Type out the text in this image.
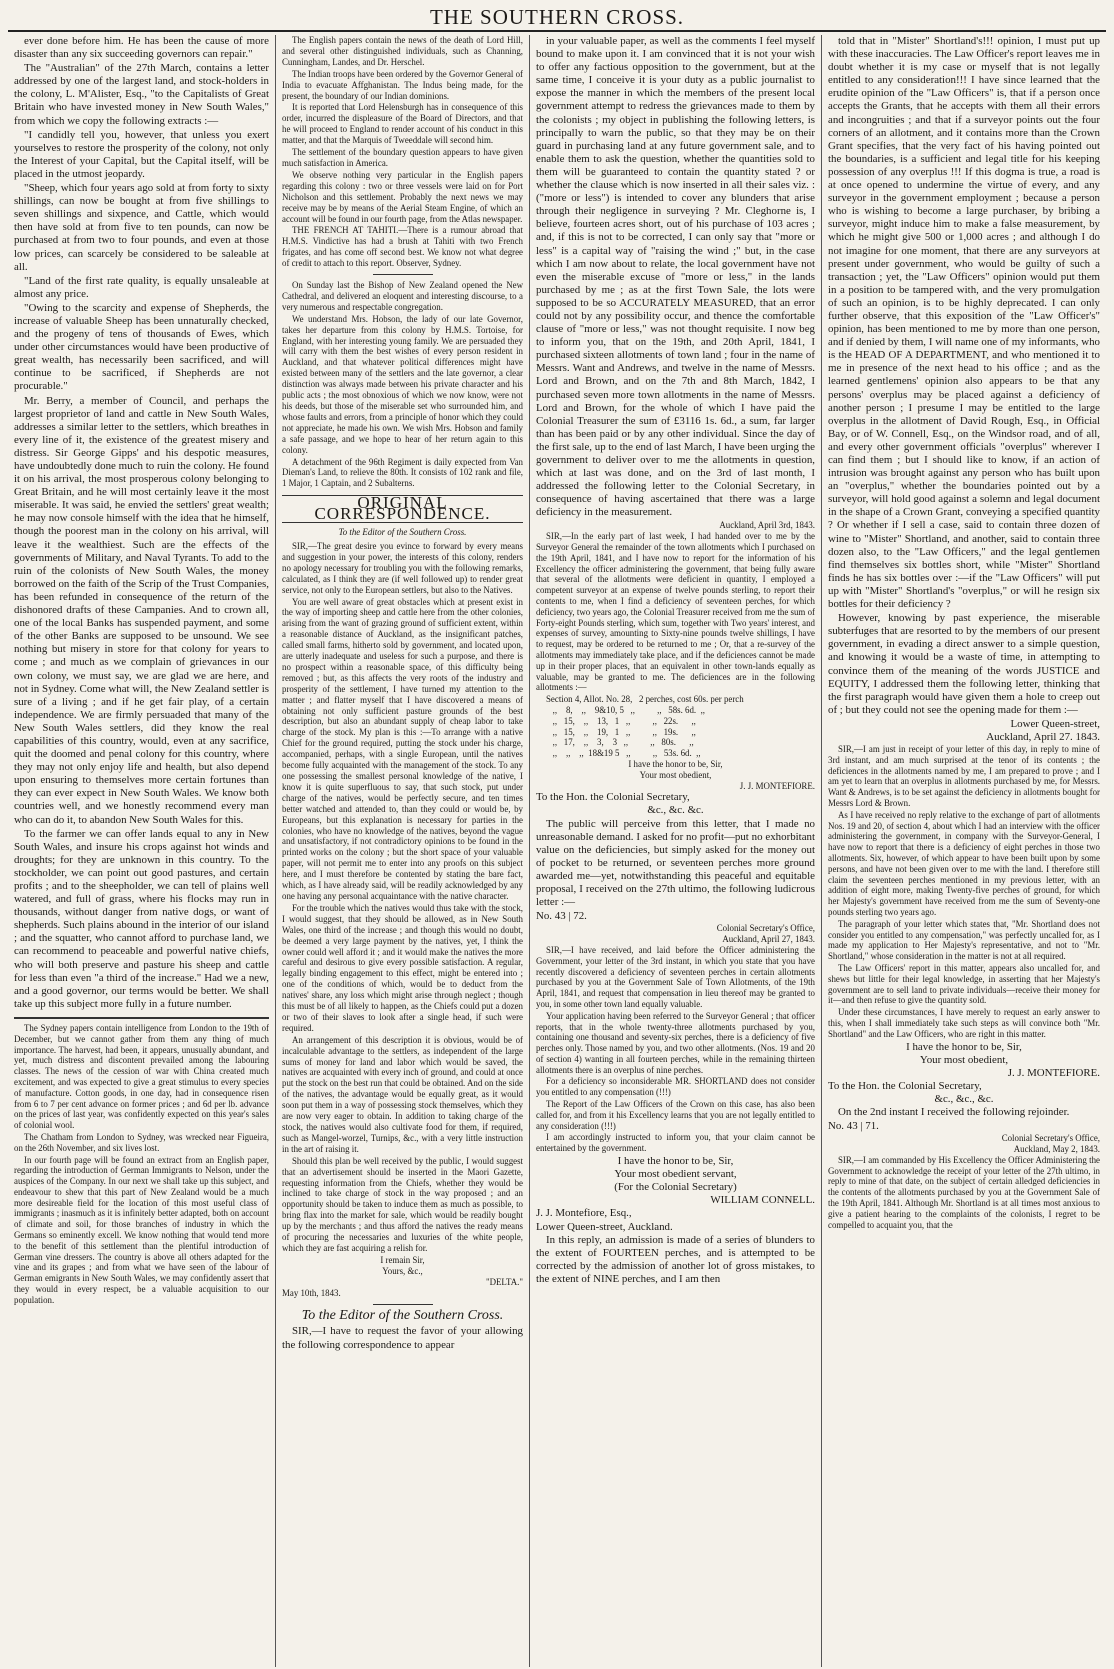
THE SOUTHERN CROSS.

ever done before him. He has been the cause of more disaster than any six succeeding governors can repair."

The "Australian" of the 27th March, contains a letter addressed by one of the largest land, and stock-holders in the colony, L. M'Alister, Esq., "to the Capitalists of Great Britain who have invested money in New South Wales," from which we copy the following extracts :—

"I candidly tell you, however, that unless you exert yourselves to restore the prosperity of the colony, not only the Interest of your Capital, but the Capital itself, will be placed in the utmost jeopardy.

"Sheep, which four years ago sold at from forty to sixty shillings, can now be bought at from five shillings to seven shillings and sixpence, and Cattle, which would then have sold at from five to ten pounds, can now be purchased at from two to four pounds, and even at those low prices, can scarcely be considered to be saleable at all.

"Land of the first rate quality, is equally unsaleable at almost any price.

"Owing to the scarcity and expense of Shepherds, the increase of valuable Sheep has been unnaturally checked, and the progeny of tens of thousands of Ewes, which under other circumstances would have been productive of great wealth, has necessarily been sacrificed, and will continue to be sacrificed, if Shepherds are not procurable."

Mr. Berry, a member of Council, and perhaps the largest proprietor of land and cattle in New South Wales, addresses a similar letter to the settlers, which breathes in every line of it, the existence of the greatest misery and distress. Sir George Gipps' and his despotic measures, have undoubtedly done much to ruin the colony. He found it on his arrival, the most prosperous colony belonging to Great Britain, and he will most certainly leave it the most miserable. It was said, he envied the settlers' great wealth; he may now console himself with the idea that he himself, though the poorest man in the colony on his arrival, will leave it the wealthiest. Such are the effects of the governments of Military, and Naval Tyrants. To add to the ruin of the colonists of New South Wales, the money borrowed on the faith of the Scrip of the Trust Companies, has been refunded in consequence of the return of the dishonored drafts of these Campanies. And to crown all, one of the local Banks has suspended payment, and some of the other Banks are supposed to be unsound. We see nothing but misery in store for that colony for years to come ; and much as we complain of grievances in our own colony, we must say, we are glad we are here, and not in Sydney. Come what will, the New Zealand settler is sure of a living ; and if he get fair play, of a certain independence. We are firmly persuaded that many of the New South Wales settlers, did they know the real capabilities of this country, would, even at any sacrifice, quit the doomed and penal colony for this country, where they may not only enjoy life and health, but also depend upon ensuring to themselves more certain fortunes than they can ever expect in New South Wales. We know both countries well, and we honestly recommend every man who can do it, to abandon New South Wales for this.

To the farmer we can offer lands equal to any in New South Wales, and insure his crops against hot winds and droughts; for they are unknown in this country. To the stockholder, we can point out good pastures, and certain profits ; and to the sheepholder, we can tell of plains well watered, and full of grass, where his flocks may run in thousands, without danger from native dogs, or want of shepherds. Such plains abound in the interior of our island ; and the squatter, who cannot afford to purchase land, we can recommend to peaceable and powerful native chiefs, who will both preserve and pasture his sheep and cattle for less than even "a third of the increase." Had we a new, and a good governor, our terms would be better. We shall take up this subject more fully in a future number.

The Sydney papers contain intelligence from London to the 19th of December, but we cannot gather from them any thing of much importance. The harvest, had been, it appears, unusually abundant, and yet, much distress and discontent prevailed among the labouring classes. The news of the cession of war with China created much excitement, and was expected to give a great stimulus to every species of manufacture. Cotton goods, in one day, had in consequence risen from 6 to 7 per cent advance on former prices ; and 6d per lb. advance on the prices of last year, was confidently expected on this year's sales of colonial wool.

The Chatham from London to Sydney, was wrecked near Figueira, on the 26th November, and six lives lost.

In our fourth page will be found an extract from an English paper, regarding the introduction of German Immigrants to Nelson, under the auspices of the Company. In our next we shall take up this subject, and endeavour to shew that this part of New Zealand would be a much more desireable field for the location of this most useful class of immigrants ; inasmuch as it is infinitely better adapted, both on account of climate and soil, for those branches of industry in which the Germans so eminently excell. We know nothing that would tend more to the benefit of this settlement than the plentiful introduction of German vine dressers. The country is above all others adapted for the vine and its grapes ; and from what we have seen of the labour of German emigrants in New South Wales, we may confidently assert that they would in every respect, be a valuable acquisition to our population.

The English papers contain the news of the death of Lord Hill, and several other distinguished individuals, such as Channing, Cunningham, Landes, and Dr. Herschel.

The Indian troops have been ordered by the Governor General of India to evacuate Affghanistan. The Indus being made, for the present, the boundary of our Indian dominions.

It is reported that Lord Helensburgh has in consequence of this order, incurred the displeasure of the Board of Directors, and that he will proceed to England to render account of his conduct in this matter, and that the Marquis of Tweeddale will second him.

The settlement of the boundary question appears to have given much satisfaction in America.

We observe nothing very particular in the English papers regarding this colony : two or three vessels were laid on for Port Nicholson and this settlement. Probably the next news we may receive may be by means of the Aerial Steam Engine, of which an account will be found in our fourth page, from the Atlas newspaper.

THE FRENCH AT TAHITI.—There is a rumour abroad that H.M.S. Vindictive has had a brush at Tahiti with two French frigates, and has come off second best. We know not what degree of credit to attach to this report. Observer, Sydney.

On Sunday last the Bishop of New Zealand opened the New Cathedral, and delivered an eloquent and interesting discourse, to a very numerous and respectable congregation.

We understand Mrs. Hobson, the lady of our late Governor, takes her departure from this colony by H.M.S. Tortoise, for England, with her interesting young family. We are persuaded they will carry with them the best wishes of every person resident in Auckland, and that whatever political differences might have existed between many of the settlers and the late governor, a clear distinction was always made between his private character and his public acts ; the most obnoxious of which we now know, were not his deeds, but those of the miserable set who surrounded him, and whose faults and errors, from a principle of honor which they could not appreciate, he made his own. We wish Mrs. Hobson and family a safe passage, and we hope to hear of her return again to this colony.

A detachment of the 96th Regiment is daily expected from Van Dieman's Land, to relieve the 80th. It consists of 102 rank and file, 1 Major, 1 Captain, and 2 Subalterns.

ORIGINAL CORRESPONDENCE.
To the Editor of the Southern Cross.

SIR,—The great desire you evince to forward by every means and suggestion in your power, the interests of this colony, renders no apology necessary for troubling you with the following remarks, calculated, as I think they are (if well followed up) to render great service, not only to the European settlers, but also to the Natives.

You are well aware of great obstacles which at present exist in the way of importing sheep and cattle here from the other colonies, arising from the want of grazing ground of sufficient extent, within a reasonable distance of Auckland, as the insignificant patches, called small farms, hitherto sold by government, and located upon, are utterly inadequate and useless for such a purpose, and there is no prospect within a reasonable space, of this difficulty being removed ; but, as this affects the very roots of the industry and prosperity of the settlement, I have turned my attention to the matter ; and flatter myself that I have discovered a means of obtaining not only sufficient pasture grounds of the best description, but also an abundant supply of cheap labor to take charge of the stock. My plan is this :—To arrange with a native Chief for the ground required, putting the stock under his charge, accompanied, perhaps, with a single European, until the natives become fully acquainted with the management of the stock. To any one possessing the smallest personal knowledge of the native, I know it is quite superfluous to say, that such stock, put under charge of the natives, would be perfectly secure, and ten times better watched and attended to, than they could or would be, by Europeans, but this explanation is necessary for parties in the colonies, who have no knowledge of the natives, beyond the vague and unsatisfactory, if not contradictory opinions to be found in the printed works on the colony ; but the short space of your valuable paper, will not permit me to enter into any proofs on this subject here, and I must therefore be contented by stating the bare fact, which, as I have already said, will be readily acknowledged by any one having any personal acquaintance with the native character.

For the trouble which the natives would thus take with the stock, I would suggest, that they should be allowed, as in New South Wales, one third of the increase ; and though this would no doubt, be deemed a very large payment by the natives, yet, I think the owner could well afford it ; and it would make the natives the more careful and desirous to give every possible satisfaction. A regular, legally binding engagement to this effect, might be entered into ; one of the conditions of which, would be to deduct from the natives' share, any loss which might arise through neglect ; though this must be of all likely to happen, as the Chiefs could put a dozen or two of their slaves to look after a single head, if such were required.

An arrangement of this description it is obvious, would be of incalculable advantage to the settlers, as independent of the large sums of money for land and labor which would be saved, the natives are acquainted with every inch of ground, and could at once put the stock on the best run that could be obtained. And on the side of the natives, the advantage would be equally great, as it would soon put them in a way of possessing stock themselves, which they are now very eager to obtain. In addition to taking charge of the stock, the natives would also cultivate food for them, if required, such as Mangel-worzel, Turnips, &c., with a very little instruction in the art of raising it.

Should this plan be well received by the public, I would suggest that an advertisement should be inserted in the Maori Gazette, requesting information from the Chiefs, whether they would be inclined to take charge of stock in the way proposed ; and an opportunity should be taken to induce them as much as possible, to bring flax into the market for sale, which would be readily bought up by the merchants ; and thus afford the natives the ready means of procuring the necessaries and luxuries of the white people, which they are fast acquiring a relish for.

I remain Sir,
Yours, &c.,
"DELTA."
May 10th, 1843.
To the Editor of the Southern Cross.

SIR,—I have to request the favor of your allowing the following correspondence to appear

in your valuable paper, as well as the comments I feel myself bound to make upon it. I am convinced that it is not your wish to offer any factious opposition to the government, but at the same time, I conceive it is your duty as a public journalist to expose the manner in which the members of the present local government attempt to redress the grievances made to them by the colonists ; my object in publishing the following letters, is principally to warn the public, so that they may be on their guard in purchasing land at any future government sale, and to enable them to ask the question, whether the quantities sold to them will be guaranteed to contain the quantity stated ? or whether the clause which is now inserted in all their sales viz. : ("more or less") is intended to cover any blunders that arise through their negligence in surveying ? Mr. Cleghorne is, I believe, fourteen acres short, out of his purchase of 103 acres ; and, if this is not to be corrected, I can only say that "more or less" is a capital way of "raising the wind ;" but, in the case which I am now about to relate, the local government have not even the miserable excuse of "more or less," in the lands purchased by me ; as at the first Town Sale, the lots were supposed to be so ACCURATELY MEASURED, that an error could not by any possibility occur, and thence the comfortable clause of "more or less," was not thought requisite. I now beg to inform you, that on the 19th, and 20th April, 1841, I purchased sixteen allotments of town land ; four in the name of Messrs. Want and Andrews, and twelve in the name of Messrs. Lord and Brown, and on the 7th and 8th March, 1842, I purchased seven more town allotments in the name of Messrs. Lord and Brown, for the whole of which I have paid the Colonial Treasurer the sum of £3116 1s. 6d., a sum, far larger than has been paid or by any other individual. Since the day of the first sale, up to the end of last March, I have been urging the government to deliver over to me the allotments in question, which at last was done, and on the 3rd of last month, I addressed the following letter to the Colonial Secretary, in consequence of having ascertained that there was a large deficiency in the measurement.

Auckland, April 3rd, 1843.

SIR,—In the early part of last week, I had handed over to me by the Surveyor General the remainder of the town allotments which I purchased on the 19th April, 1841, and I have now to report for the information of his Excellency the officer administering the government, that being fully aware that several of the allotments were deficient in quantity, I employed a competent surveyor at an expense of twelve pounds sterling, to report their contents to me, when I find a deficiency of seventeen perches, for which deficiency, two years ago, the Colonial Treasurer received from me the sum of Forty-eight Pounds sterling, which sum, together with Two years' interest, and expenses of survey, amounting to Sixty-nine pounds twelve shillings, I have to request, may be ordered to be returned to me ; Or, that a re-survey of the allotments may immediately take place, and if the deficiences cannot be made up in their proper places, that an equivalent in other town-lands equally as valuable, may be granted to me. The deficiences are in the following allotments :—

Section 4, Allot. No. 28,   2 perches, cost 60s. per perch
,,    8,    ,,    9&10, 5   ,,          ,,   58s. 6d.  ,,
,,   15,    ,,    13,   1   ,,          ,,   22s.      ,,
,,   15,    ,,    19,   1   ,,          ,,   19s.      ,,
,,   17,    ,,    3,    3   ,,          ,,   80s.      ,,
,,    ,,    ,,  18&19 5   ,,          ,,   53s. 6d.  ,,
I have the honor to be, Sir,
Your most obedient,
J. J. MONTEFIORE.
To the Hon. the Colonial Secretary,
&c., &c. &c.

The public will perceive from this letter, that I made no unreasonable demand. I asked for no profit—put no exhorbitant value on the deficiencies, but simply asked for the money out of pocket to be returned, or seventeen perches more ground awarded me—yet, notwithstanding this peaceful and equitable proposal, I received on the 27th ultimo, the following ludicrous letter :—

No. 43 | 72.
Colonial Secretary's Office,
Auckland, April 27, 1843.

SIR,—I have received, and laid before the Officer administering the Government, your letter of the 3rd instant, in which you state that you have recently discovered a deficiency of seventeen perches in certain allotments purchased by you at the Government Sale of Town Allotments, of the 19th April, 1841, and request that compensation in lieu thereof may be granted to you, in some other town land equally valuable.

Your application having been referred to the Surveyor General ; that officer reports, that in the whole twenty-three allotments purchased by you, containing one thousand and seventy-six perches, there is a deficiency of five perches only. Those named by you, and two other allotments. (Nos. 19 and 20 of section 4) wanting in all fourteen perches, while in the remaining thirteen allotments there is an overplus of nine perches.

For a deficiency so inconsiderable MR. SHORTLAND does not consider you entitled to any compensation (!!!)

The Report of the Law Officers of the Crown on this case, has also been called for, and from it his Excellency learns that you are not legally entitled to any consideration (!!!)

I am accordingly instructed to inform you, that your claim cannot be entertained by the government.

I have the honor to be, Sir,
Your most obedient servant,
(For the Colonial Secretary)
WILLIAM CONNELL.
J. J. Montefiore, Esq.,
Lower Queen-street, Auckland.

In this reply, an admission is made of a series of blunders to the extent of FOURTEEN perches, and is attempted to be corrected by the admission of another lot of gross mistakes, to the extent of NINE perches, and I am then

told that in "Mister" Shortland's!!! opinion, I must put up with these inaccuracies. The Law Officer's report leaves me in doubt whether it is my case or myself that is not legally entitled to any consideration!!! I have since learned that the erudite opinion of the "Law Officers" is, that if a person once accepts the Grants, that he accepts with them all their errors and incongruities ; and that if a surveyor points out the four corners of an allotment, and it contains more than the Crown Grant specifies, that the very fact of his having pointed out the boundaries, is a sufficient and legal title for his keeping possession of any overplus !!! If this dogma is true, a road is at once opened to undermine the virtue of every, and any surveyor in the government employment ; because a person who is wishing to become a large purchaser, by bribing a surveyor, might induce him to make a false measurement, by which he might give 500 or 1,000 acres ; and although I do not imagine for one moment, that there are any surveyors at present under government, who would be guilty of such a transaction ; yet, the "Law Officers" opinion would put them in a position to be tampered with, and the very promulgation of such an opinion, is to be highly deprecated. I can only further observe, that this exposition of the "Law Officer's" opinion, has been mentioned to me by more than one person, and if denied by them, I will name one of my informants, who is the HEAD OF A DEPARTMENT, and who mentioned it to me in presence of the next head to his office ; and as the learned gentlemens' opinion also appears to be that any persons' overplus may be placed against a deficiency of another person ; I presume I may be entitled to the large overplus in the allotment of David Rough, Esq., in Official Bay, or of W. Connell, Esq., on the Windsor road, and of all, and every other government officials "overplus" wherever I can find them ; but I should like to know, if an action of intrusion was brought against any person who has built upon an "overplus," whether the boundaries pointed out by a surveyor, will hold good against a solemn and legal document in the shape of a Crown Grant, conveying a specified quantity ? Or whether if I sell a case, said to contain three dozen of wine to "Mister" Shortland, and another, said to contain three dozen also, to the "Law Officers," and the legal gentlemen find themselves six bottles short, while "Mister" Shortland finds he has six bottles over :—if the "Law Officers" will put up with "Mister" Shortland's "overplus," or will he resign six bottles for their deficiency ?

However, knowing by past experience, the miserable subterfuges that are resorted to by the members of our present government, in evading a direct answer to a simple question, and knowing it would be a waste of time, in attempting to convince them of the meaning of the words JUSTICE and EQUITY, I addressed them the following letter, thinking that the first paragraph would have given them a hole to creep out of ; but they could not see the opening made for them :—

Lower Queen-street,
Auckland, April 27. 1843.

SIR,—I am just in receipt of your letter of this day, in reply to mine of 3rd instant, and am much surprised at the tenor of its contents ; the deficiences in the allotments named by me, I am prepared to prove ; and I am yet to learn that an overplus in allotments purchased by me, for Messrs. Want & Andrews, is to be set against the deficiency in allotments bought for Messrs Lord & Brown.

As I have received no reply relative to the exchange of part of allotments Nos. 19 and 20, of section 4, about which I had an interview with the officer administering the government, in company with the Surveyor-General, I have now to report that there is a deficiency of eight perches in those two allotments. Six, however, of which appear to have been built upon by some persons, and have not been given over to me with the land. I therefore still claim the seventeen perches mentioned in my previous letter, with an addition of eight more, making Twenty-five perches of ground, for which her Majesty's government have received from me the sum of Seventy-one pounds sterling two years ago.

The paragraph of your letter which states that, "Mr. Shortland does not consider you entitled to any compensation," was perfectly uncalled for, as I made my application to Her Majesty's representative, and not to "Mr. Shortland," whose consideration in the matter is not at all required.

The Law Officers' report in this matter, appears also uncalled for, and shews but little for their legal knowledge, in asserting that her Majesty's government are to sell land to private individuals—receive their money for it—and then refuse to give the quantity sold.

Under these circumstances, I have merely to request an early answer to this, when I shall immediately take such steps as will convince both "Mr. Shortland" and the Law Officers, who are right in this matter.

I have the honor to be, Sir,
Your most obedient,
J. J. MONTEFIORE.
To the Hon. the Colonial Secretary,
&c., &c., &c.

On the 2nd instant I received the following rejoinder.

No. 43 | 71.
Colonial Secretary's Office,
Auckland, May 2, 1843.

SIR,—I am commanded by His Excellency the Officer Administering the Government to acknowledge the receipt of your letter of the 27th ultimo, in reply to mine of that date, on the subject of certain alledged deficiencies in the contents of the allotments purchased by you at the Government Sale of the 19th April, 1841. Although Mr. Shortland is at all times most anxious to give a patient hearing to the complaints of the colonists, I regret to be compelled to acquaint you, that the
